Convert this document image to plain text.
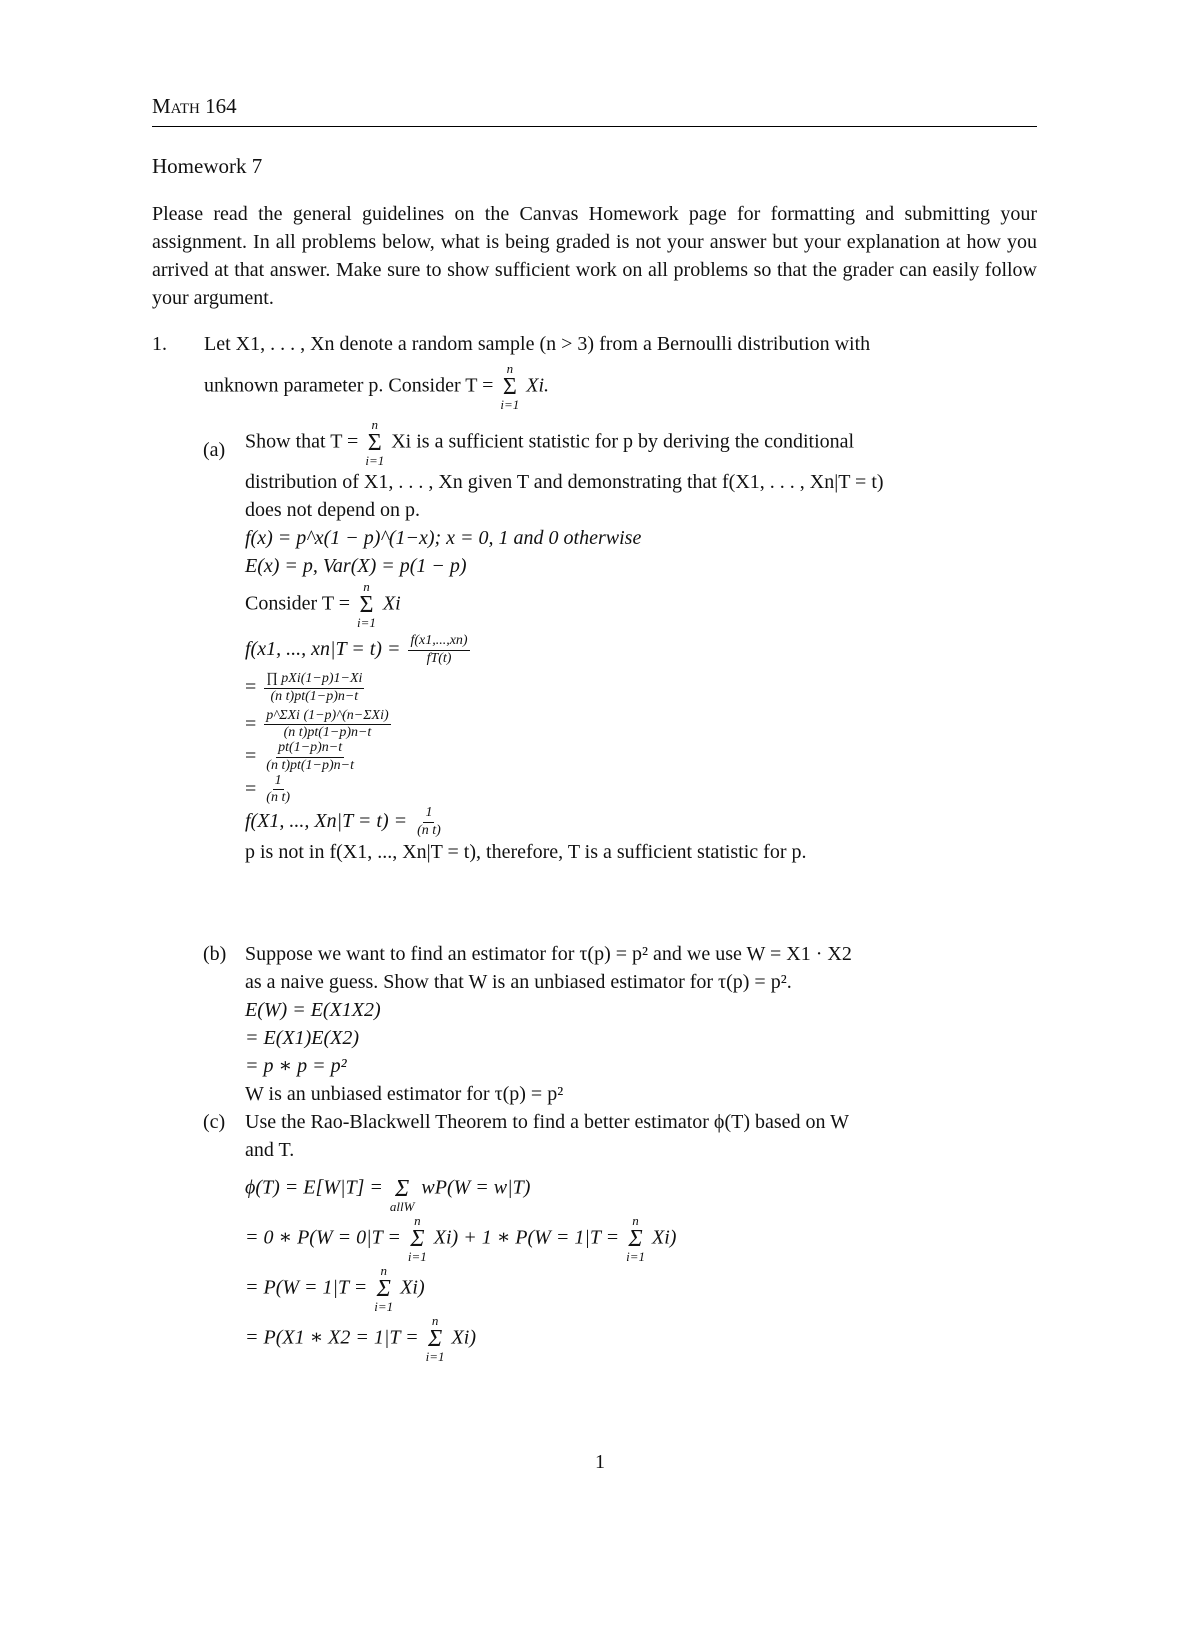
Math 164
Homework 7

Please read the general guidelines on the Canvas Homework page for formatting and submitting your assignment. In all problems below, what is being graded is not your answer but your explanation at how you arrived at that answer. Make sure to show sufficient work on all problems so that the grader can easily follow your argument.

1. Let X1, . . . , Xn denote a random sample (n > 3) from a Bernoulli distribution with
unknown parameter p. Consider T =
n
Σ
i=1
Xi.
(a) Show that T =
n
Σ
i=1
Xi is a sufficient statistic for p by deriving the conditional
distribution of X1, . . . , Xn given T and demonstrating that f(X1, . . . , Xn|T = t)
does not depend on p.
f(x) = p^x(1 − p)^(1−x); x = 0, 1 and 0 otherwise
E(x) = p, Var(X) = p(1 − p)
Consider T =
n
Σ
i=1
Xi
f(x1, ..., $xn|T = t) = \frac{f(x1,...,xn)}{fT(t)}$
= $\frac{\text{∏ pXi(1−p)1−Xi}}{\text{(n t)pt(1−p)n−t}}$
= $\frac{\text{p\textasciicircum{}ΣXi (1−p)\textasciicircum{}(n−ΣXi)}}{\text{(n t)pt(1−p)n−t}}$
= $\frac{pt(1-p)n-t}{\text{(n t)pt(1−p)n−t}}$
= $\frac{1}{\text{(n t)}}$
f(X1, ..., $Xn|T = t) = \frac{1}{\text{(n t)}}$
p is not in f(X1, ..., Xn|T = t), therefore, T is a sufficient statistic for p.
(b) Suppose we want to find an estimator for τ(p) = p² and we use W = X1 · X2
as a naive guess. Show that W is an unbiased estimator for τ(p) = p².
E(W) = E(X1X2)
= E(X1)E(X2)
= p ∗ p = p²
W is an unbiased estimator for τ(p) = p²
(c) Use the Rao-Blackwell Theorem to find a better estimator ϕ(T) based on W
and T.
ϕ(T) = E[W|T] =
Σ
allW
wP(W = w|T)
= 0 ∗ P(W = 0|T =
n
Σ
i=1
Xi) + 1 ∗ P(W = 1|T =
n
Σ
i=1
Xi)
= P(W = 1|T =
n
Σ
i=1
Xi)
= P(X1 ∗ X2 = 1|T =
n
Σ
i=1
Xi)
1
